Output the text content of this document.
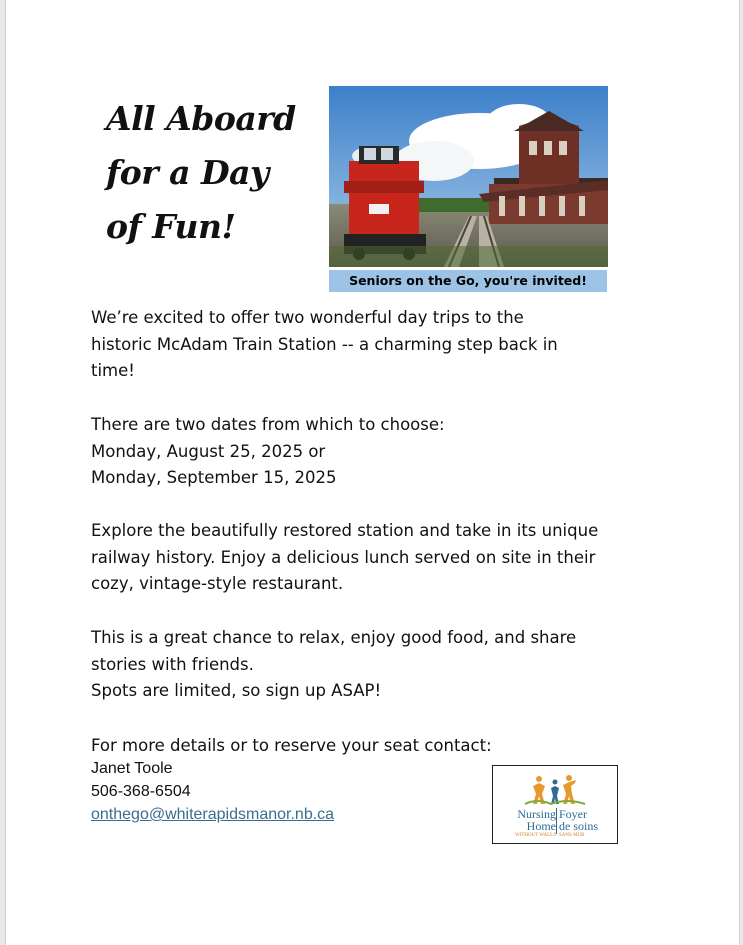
All Aboard
for a Day
of Fun!
Seniors on the Go, you're invited!

We’re excited to offer two wonderful day trips to the
historic McAdam Train Station -- a charming step back in
time!

There are two dates from which to choose:
Monday, August 25, 2025 or
Monday, September 15, 2025

Explore the beautifully restored station and take in its unique
railway history. Enjoy a delicious lunch served on site in their
cozy, vintage-style restaurant.

This is a great chance to relax, enjoy good food, and share
stories with friends.
Spots are limited, so sign up ASAP!

For more details or to reserve your seat contact:

Janet Toole
506-368-6504
onthego@whiterapidsmanor.nb.ca	Nursing
Home
Foyer
de soins
WITHOUT WALLS SANS MUR
